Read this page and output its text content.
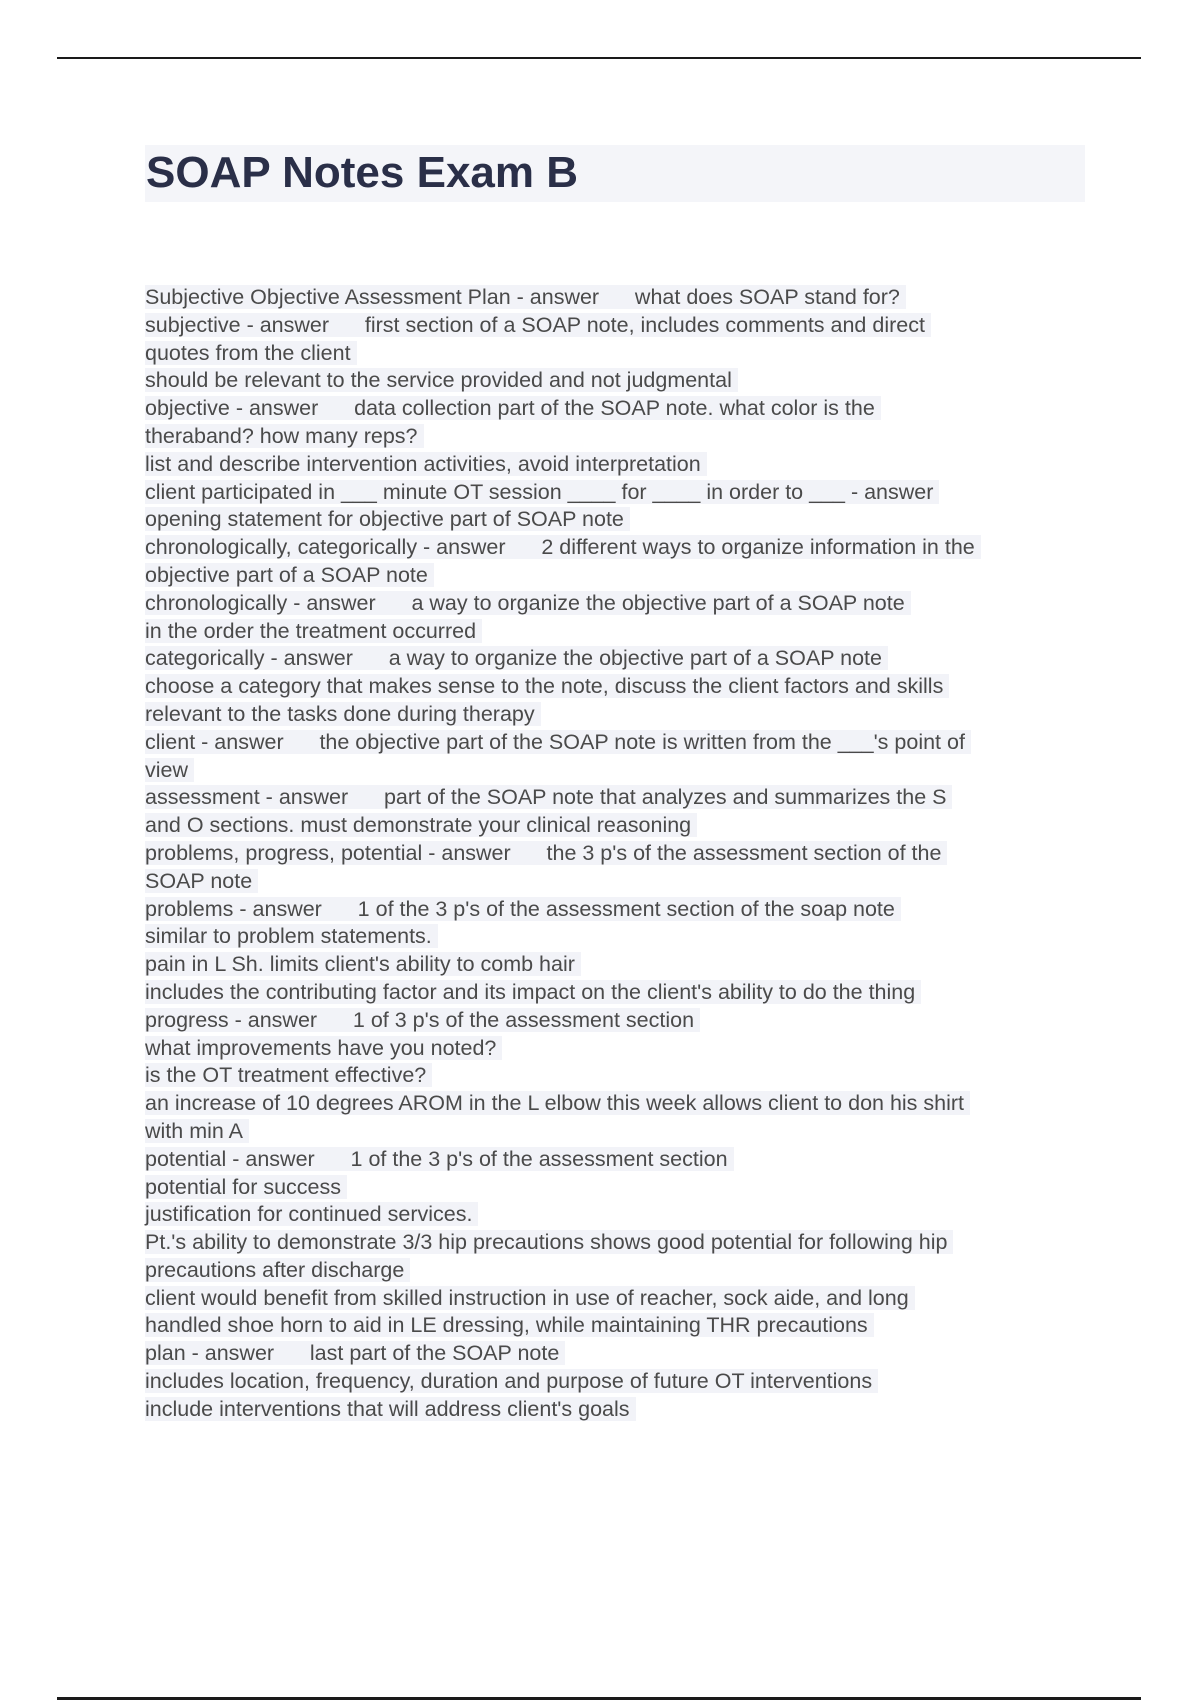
SOAP Notes Exam B
Subjective Objective Assessment Plan - answer      what does SOAP stand for?
subjective - answer      first section of a SOAP note, includes comments and direct
quotes from the client
should be relevant to the service provided and not judgmental
objective - answer      data collection part of the SOAP note. what color is the
theraband? how many reps?
list and describe intervention activities, avoid interpretation
client participated in ___ minute OT session ____ for ____ in order to ___ - answer
opening statement for objective part of SOAP note
chronologically, categorically - answer      2 different ways to organize information in the
objective part of a SOAP note
chronologically - answer      a way to organize the objective part of a SOAP note
in the order the treatment occurred
categorically - answer      a way to organize the objective part of a SOAP note
choose a category that makes sense to the note, discuss the client factors and skills
relevant to the tasks done during therapy
client - answer      the objective part of the SOAP note is written from the ___'s point of
view
assessment - answer      part of the SOAP note that analyzes and summarizes the S
and O sections. must demonstrate your clinical reasoning
problems, progress, potential - answer      the 3 p's of the assessment section of the
SOAP note
problems - answer      1 of the 3 p's of the assessment section of the soap note
similar to problem statements.
pain in L Sh. limits client's ability to comb hair
includes the contributing factor and its impact on the client's ability to do the thing
progress - answer      1 of 3 p's of the assessment section
what improvements have you noted?
is the OT treatment effective?
an increase of 10 degrees AROM in the L elbow this week allows client to don his shirt
with min A
potential - answer      1 of the 3 p's of the assessment section
potential for success
justification for continued services.
Pt.'s ability to demonstrate 3/3 hip precautions shows good potential for following hip
precautions after discharge
client would benefit from skilled instruction in use of reacher, sock aide, and long
handled shoe horn to aid in LE dressing, while maintaining THR precautions
plan - answer      last part of the SOAP note
includes location, frequency, duration and purpose of future OT interventions
include interventions that will address client's goals
